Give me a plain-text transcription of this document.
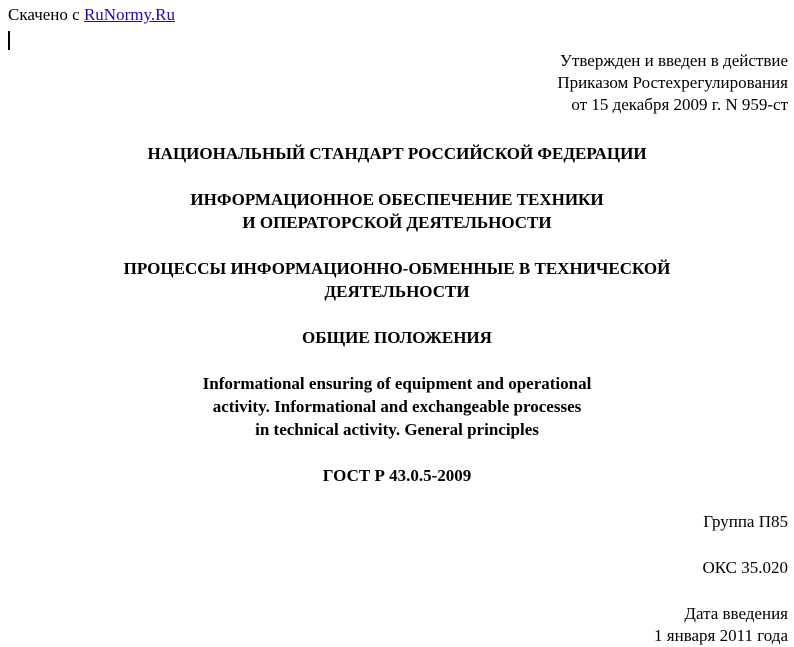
Скачено с RuNormy.Ru
Утвержден и введен в действие
Приказом Ростехрегулирования
от 15 декабря 2009 г. N 959-ст
НАЦИОНАЛЬНЫЙ СТАНДАРТ РОССИЙСКОЙ ФЕДЕРАЦИИ
ИНФОРМАЦИОННОЕ ОБЕСПЕЧЕНИЕ ТЕХНИКИ
И ОПЕРАТОРСКОЙ ДЕЯТЕЛЬНОСТИ
ПРОЦЕССЫ ИНФОРМАЦИОННО-ОБМЕННЫЕ В ТЕХНИЧЕСКОЙ
ДЕЯТЕЛЬНОСТИ
ОБЩИЕ ПОЛОЖЕНИЯ
Informational ensuring of equipment and operational
activity. Informational and exchangeable processes
in technical activity. General principles
ГОСТ Р 43.0.5-2009
Группа П85
ОКС 35.020
Дата введения
1 января 2011 года
